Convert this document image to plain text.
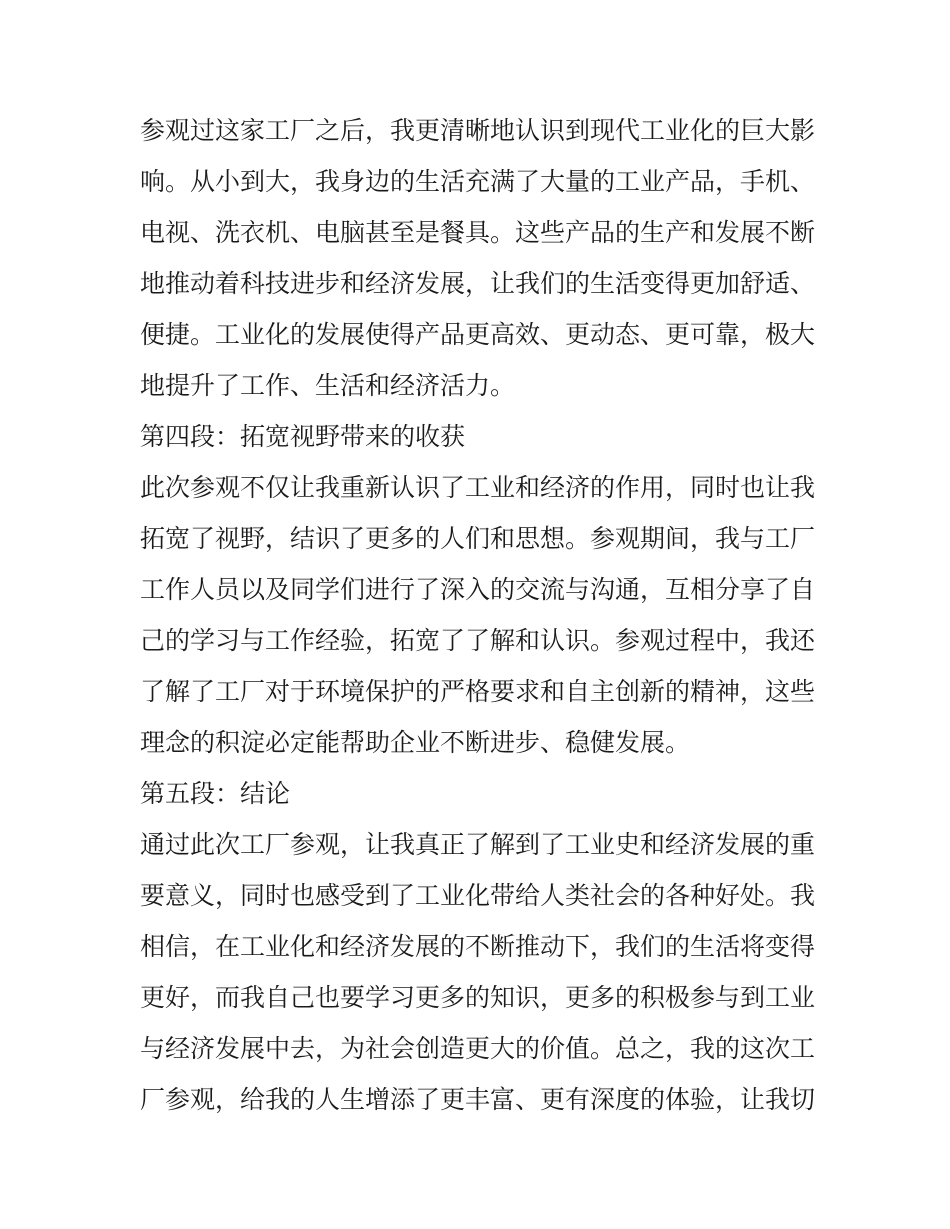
参观过这家工厂之后，我更清晰地认识到现代工业化的巨大影
响。从小到大，我身边的生活充满了大量的工业产品，手机、
电视、洗衣机、电脑甚至是餐具。这些产品的生产和发展不断
地推动着科技进步和经济发展，让我们的生活变得更加舒适、
便捷。工业化的发展使得产品更高效、更动态、更可靠，极大
地提升了工作、生活和经济活力。
第四段：拓宽视野带来的收获
此次参观不仅让我重新认识了工业和经济的作用，同时也让我
拓宽了视野，结识了更多的人们和思想。参观期间，我与工厂
工作人员以及同学们进行了深入的交流与沟通，互相分享了自
己的学习与工作经验，拓宽了了解和认识。参观过程中，我还
了解了工厂对于环境保护的严格要求和自主创新的精神，这些
理念的积淀必定能帮助企业不断进步、稳健发展。
第五段：结论
通过此次工厂参观，让我真正了解到了工业史和经济发展的重
要意义，同时也感受到了工业化带给人类社会的各种好处。我
相信，在工业化和经济发展的不断推动下，我们的生活将变得
更好，而我自己也要学习更多的知识，更多的积极参与到工业
与经济发展中去，为社会创造更大的价值。总之，我的这次工
厂参观，给我的人生增添了更丰富、更有深度的体验，让我切
